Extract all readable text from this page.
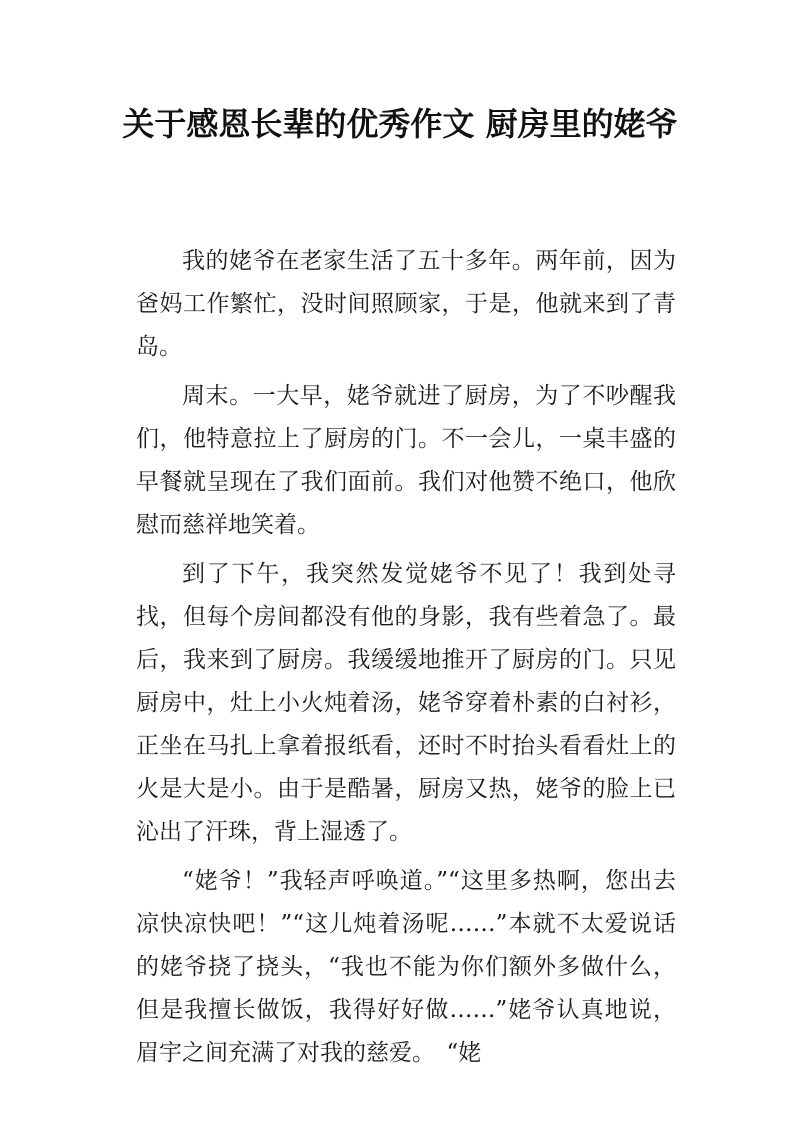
关于感恩长辈的优秀作文 厨房里的姥爷

我的姥爷在老家生活了五十多年。两年前，因为爸妈工作繁忙，没时间照顾家，于是，他就来到了青岛。

周末。一大早，姥爷就进了厨房，为了不吵醒我们，他特意拉上了厨房的门。不一会儿，一桌丰盛的早餐就呈现在了我们面前。我们对他赞不绝口，他欣慰而慈祥地笑着。

到了下午，我突然发觉姥爷不见了！我到处寻找，但每个房间都没有他的身影，我有些着急了。最后，我来到了厨房。我缓缓地推开了厨房的门。只见厨房中，灶上小火炖着汤，姥爷穿着朴素的白衬衫，正坐在马扎上拿着报纸看，还时不时抬头看看灶上的火是大是小。由于是酷暑，厨房又热，姥爷的脸上已沁出了汗珠，背上湿透了。

“姥爷！”我轻声呼唤道。”“这里多热啊，您出去凉快凉快吧！”“这儿炖着汤呢……”本就不太爱说话的姥爷挠了挠头，“我也不能为你们额外多做什么，但是我擅长做饭，我得好好做……”姥爷认真地说，眉宇之间充满了对我的慈爱。　“姥
